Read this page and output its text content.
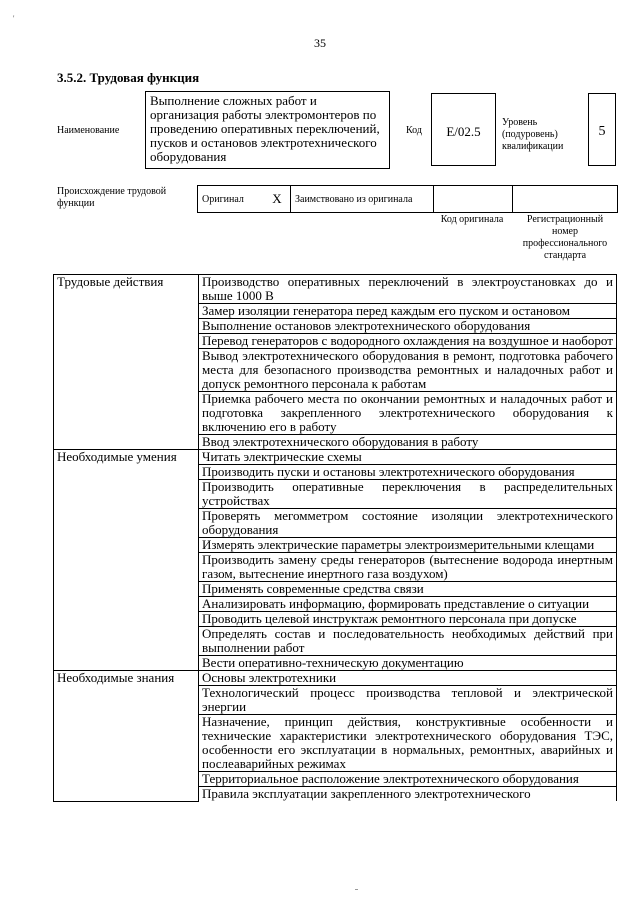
'
35
3.5.2. Трудовая функция
Наименование
Выполнение сложных работ и организация работы электромонтеров по проведению оперативных переключений, пусков и остановов электротехнического оборудования
Код	E/02.5
Уровень (подуровень) квалификации
5
Происхождение трудовой функции	Оригинал	X	Заимствовано из оригинала		
Код оригинала	Регистрационный номер профессионального стандарта
Трудовые действия	Производство оперативных переключений в электроустановках до и выше 1000 В
	Замер изоляции генератора перед каждым его пуском и остановом
	Выполнение остановов электротехнического оборудования
	Перевод генераторов с водородного охлаждения на воздушное и наоборот
	Вывод электротехнического оборудования в ремонт, подготовка рабочего места для безопасного производства ремонтных и наладочных работ и допуск ремонтного персонала к работам
	Приемка рабочего места по окончании ремонтных и наладочных работ и подготовка закрепленного электротехнического оборудования к включению его в работу
	Ввод электротехнического оборудования в работу
Необходимые умения	Читать электрические схемы
	Производить пуски и остановы электротехнического оборудования
	Производить оперативные переключения в распределительных устройствах
	Проверять мегомметром состояние изоляции электротехнического оборудования
	Измерять электрические параметры электроизмерительными клещами
	Производить замену среды генераторов (вытеснение водорода инертным газом, вытеснение инертного газа воздухом)
	Применять современные средства связи
	Анализировать информацию, формировать представление о ситуации
	Проводить целевой инструктаж ремонтного персонала при допуске
	Определять состав и последовательность необходимых действий при выполнении работ
	Вести оперативно-техническую документацию
Необходимые знания	Основы электротехники
	Технологический процесс производства тепловой и электрической энергии
	Назначение, принцип действия, конструктивные особенности и технические характеристики электротехнического оборудования ТЭС, особенности его эксплуатации в нормальных, ремонтных, аварийных и послеаварийных режимах
	Территориальное расположение электротехнического оборудования
	Правила эксплуатации закрепленного электротехнического
